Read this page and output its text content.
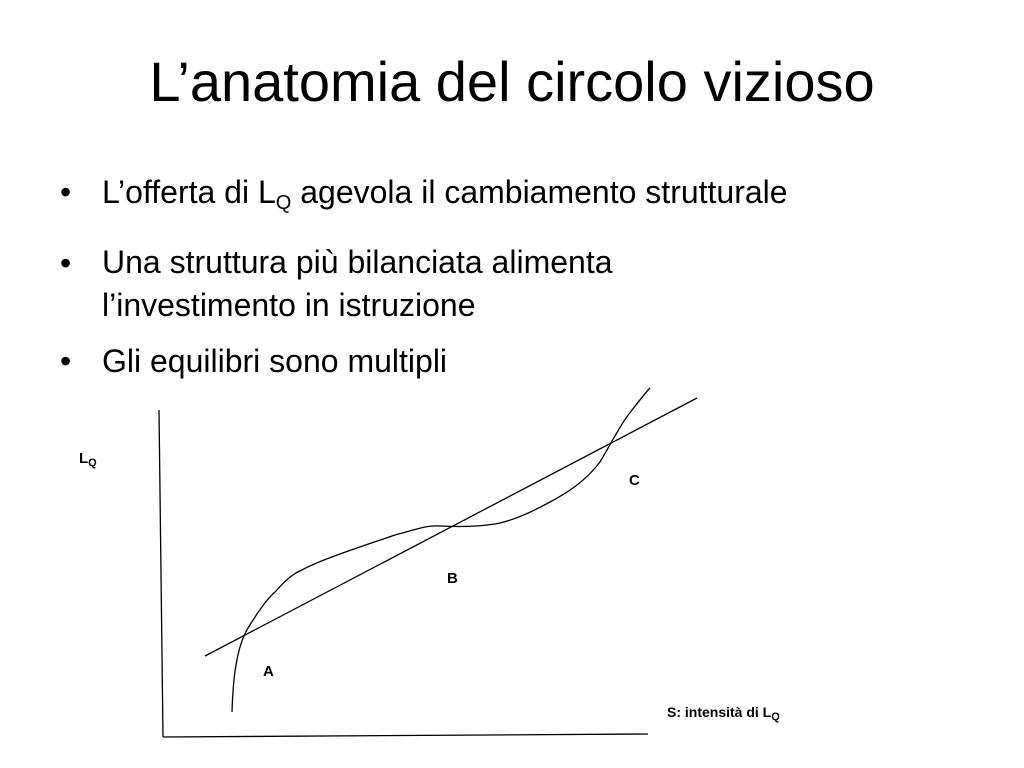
L’anatomia del circolo vizioso
• L’offerta di $L_Q$ agevola il cambiamento strutturale
• Una struttura più bilanciata alimenta
l’investimento in istruzione
• Gli equilibri sono multipli
$L_Q$
A
B
C
S: intensità di $L_Q$
